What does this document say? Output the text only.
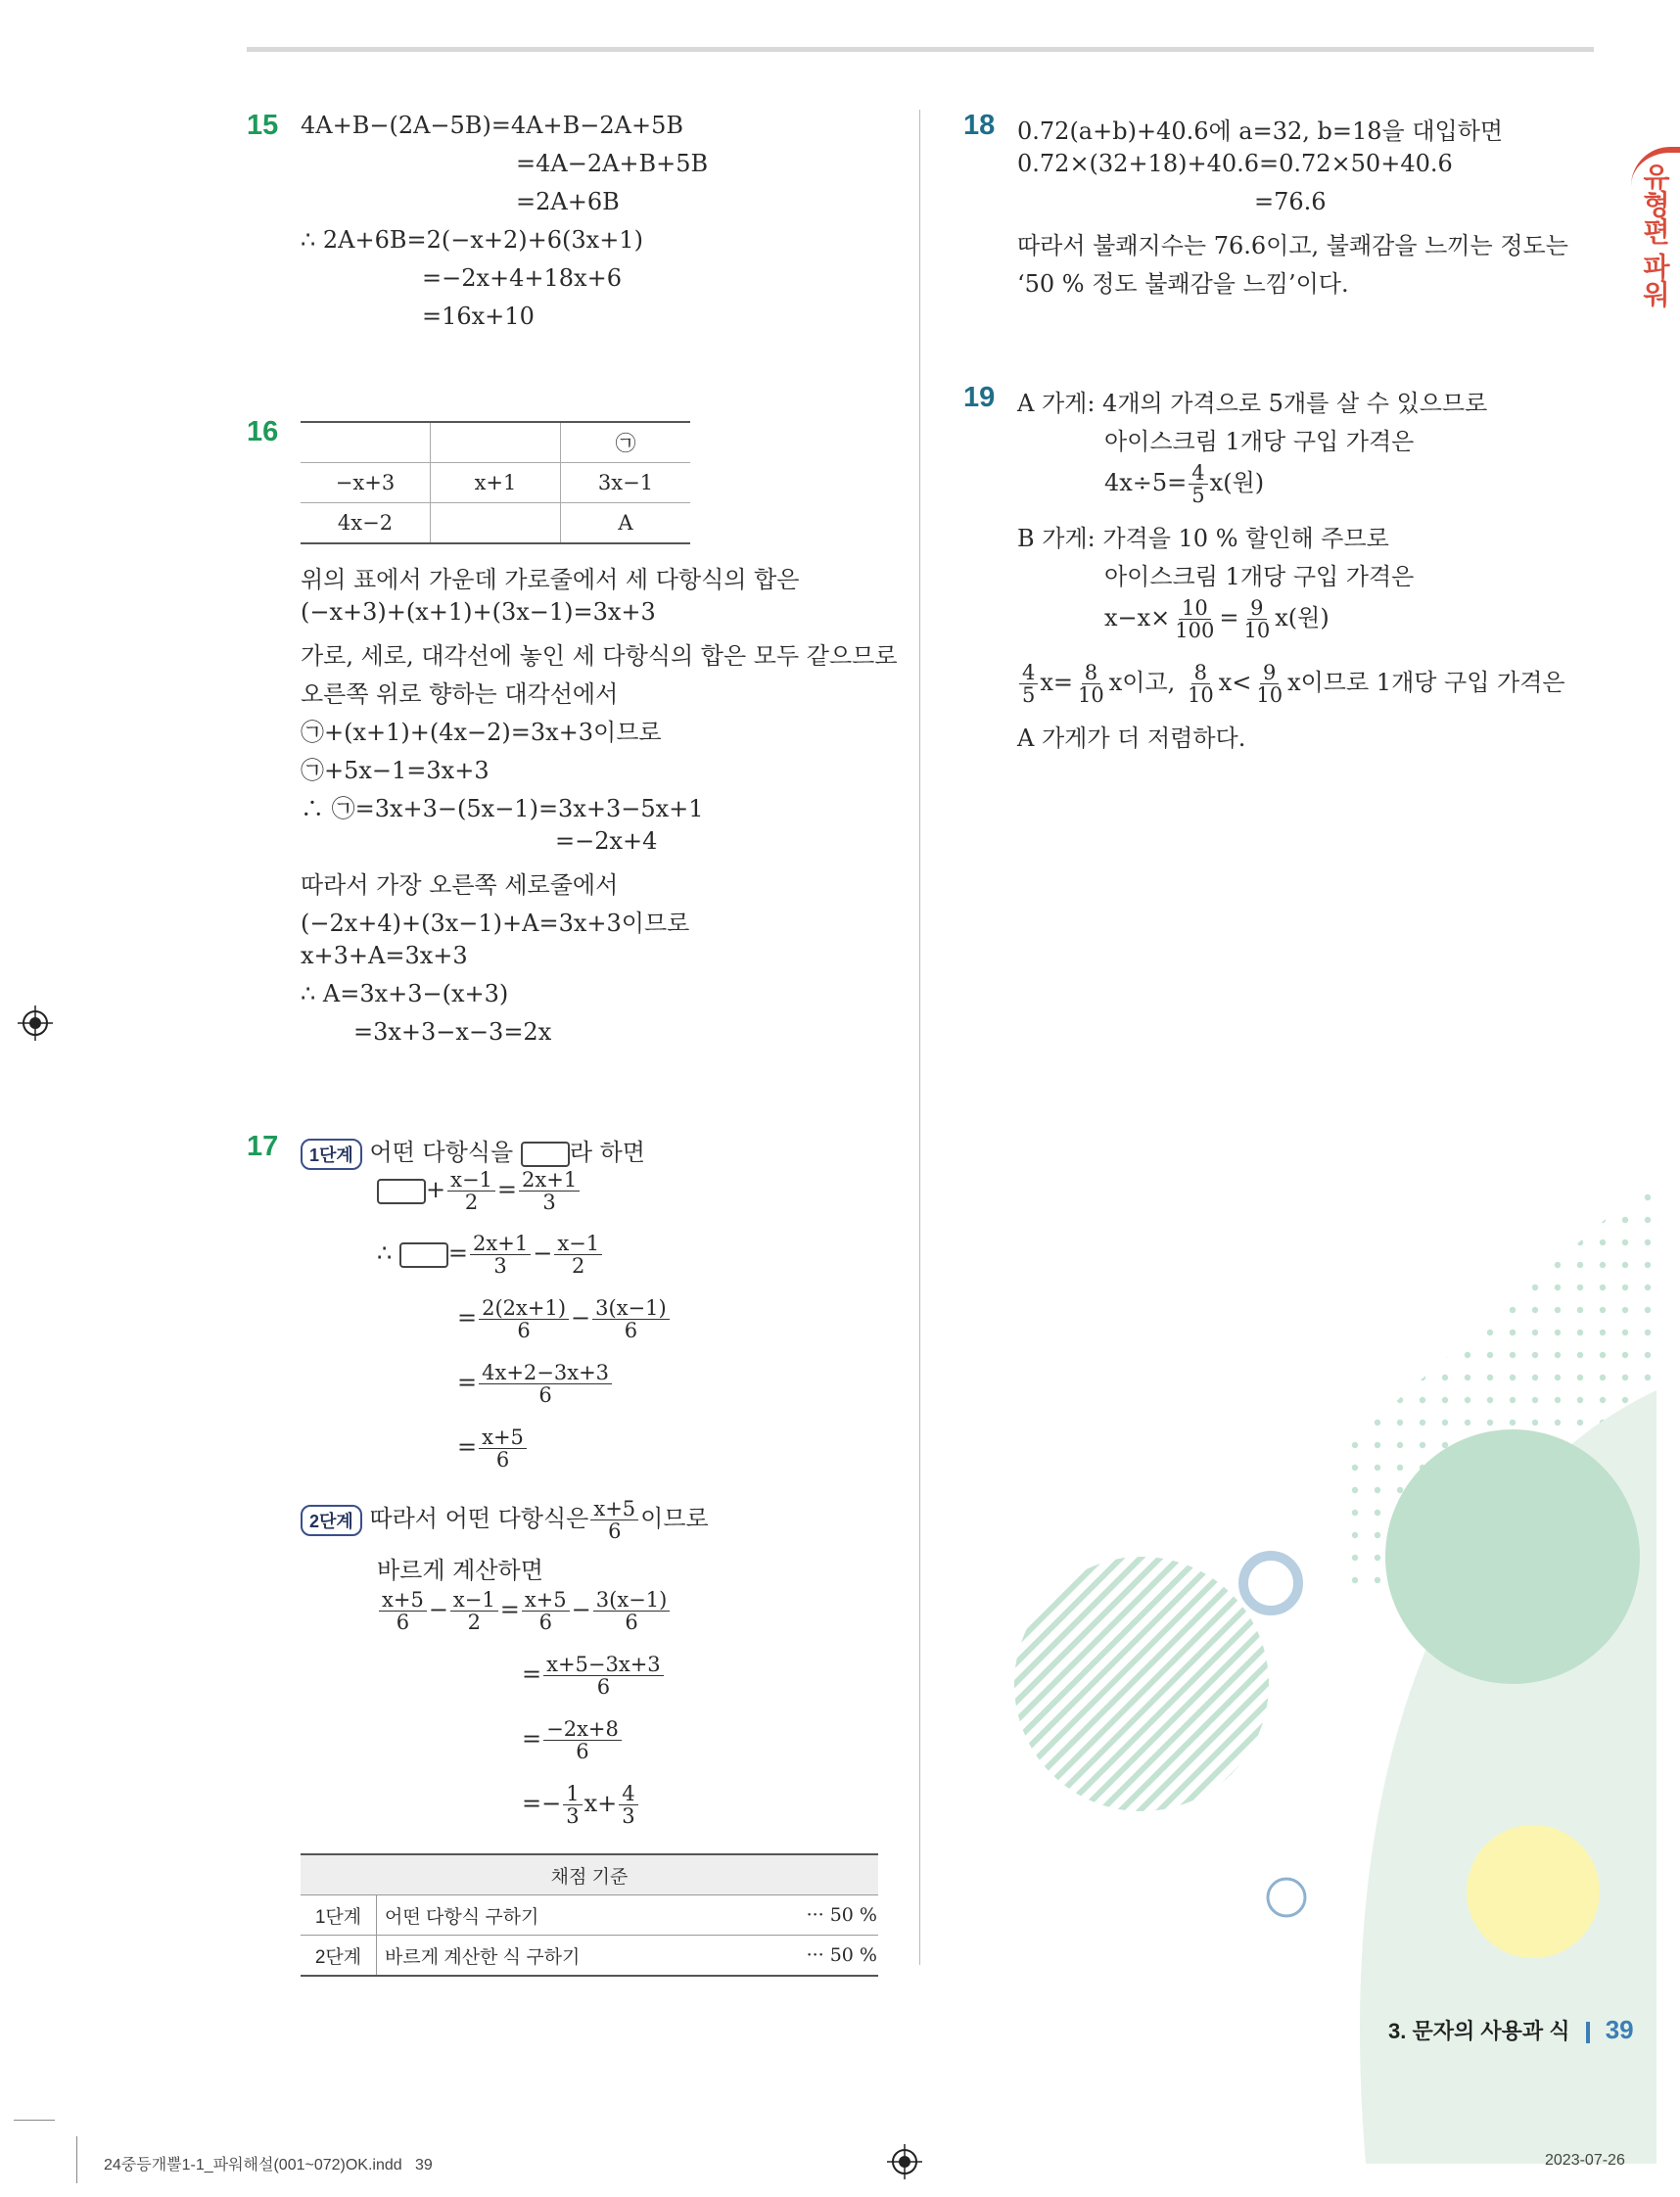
유형편 파워
15 4A+B−(2A−5B)=4A+B−2A+5B
=4A−2A+B+5B
=2A+6B
∴ 2A+6B=2(−x+2)+6(3x+1)
=−2x+4+18x+6
=16x+10
16
			㉠
−x+3	x+1	3x−1
4x−2		A
위의 표에서 가운데 가로줄에서 세 다항식의 합은
(−x+3)+(x+1)+(3x−1)=3x+3
가로, 세로, 대각선에 놓인 세 다항식의 합은 모두 같으므로
오른쪽 위로 향하는 대각선에서
㉠+(x+1)+(4x−2)=3x+3이므로
㉠+5x−1=3x+3
∴ ㉠=3x+3−(5x−1)=3x+3−5x+1
=−2x+4
따라서 가장 오른쪽 세로줄에서
(−2x+4)+(3x−1)+A=3x+3이므로
x+3+A=3x+3
∴ A=3x+3−(x+3)
=3x+3−x−3=2x
17	1단계 어떤 다항식을 라 하면
+ $\frac{x-1}{2} = \frac{2x+1}{3}$
∴ = $\frac{2x+1}{3} - \frac{x-1}{2}$
= $\frac{2(2x+1)}{6} - \frac{3(x-1)}{6}$
= $\frac{4x+2-3x+3}{6}$
= $\frac{x+5}{6}$
2단계 따라서 어떤 다항식은 $\frac{x+5}{6}$ 이므로
바르게 계산하면
$\frac{x+5}{6} - \frac{x-1}{2} = \frac{x+5}{6} - \frac{3(x-1)}{6}$
= $\frac{x+5-3x+3}{6}$
= $\frac{-2x+8}{6}$
=− $\frac{1}{3} x+ \frac{4}{3}$
채점 기준		
1단계	어떤 다항식 구하기	··· 50 %
2단계	바르게 계산한 식 구하기	··· 50 %
18 0.72(a+b)+40.6에 a=32, b=18을 대입하면
0.72×(32+18)+40.6=0.72×50+40.6
=76.6
따라서 불쾌지수는 76.6이고, 불쾌감을 느끼는 정도는
‘50 % 정도 불쾌감을 느낌’이다.
19 A 가게: 4개의 가격으로 5개를 살 수 있으므로
아이스크림 1개당 구입 가격은
$4x\div 5= \frac{4}{5} x$(원)
B 가게: 가격을 10 % 할인해 주므로
아이스크림 1개당 구입 가격은
$x-x\times \frac{10}{100} = \frac{9}{10} x$(원)
$\frac{4}{5} x= \frac{8}{10}$ x이고, $\frac{8}{10} x< \frac{9}{10}$ x이므로 1개당 구입 가격은
A 가게가 더 저렴하다.
3. 문자의 사용과 식 39
24중등개뿔1-1_파워해설(001~072)OK.indd   39	2023-07-26
